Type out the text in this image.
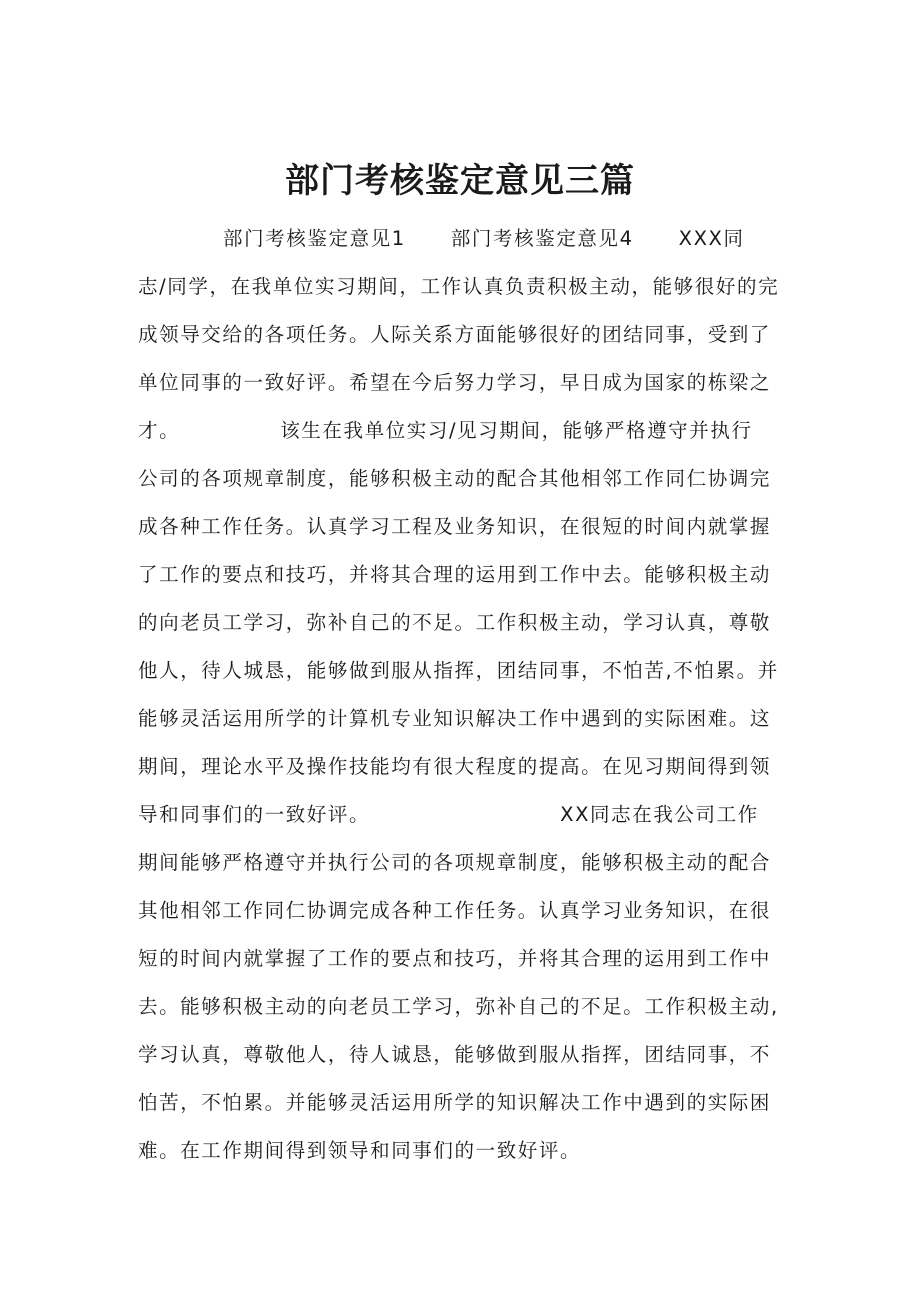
部门考核鉴定意见三篇
部门考核鉴定意见1 部门考核鉴定意见4 XXX同
志/同学，在我单位实习期间，工作认真负责积极主动，能够很好的完
成领导交给的各项任务。人际关系方面能够很好的团结同事，受到了
单位同事的一致好评。希望在今后努力学习，早日成为国家的栋梁之
才。	该生在我单位实习/见习期间，能够严格遵守并执行
公司的各项规章制度，能够积极主动的配合其他相邻工作同仁协调完
成各种工作任务。认真学习工程及业务知识，在很短的时间内就掌握
了工作的要点和技巧，并将其合理的运用到工作中去。能够积极主动
的向老员工学习，弥补自己的不足。工作积极主动，学习认真，尊敬
他人，待人城恳，能够做到服从指挥，团结同事，不怕苦,不怕累。并
能够灵活运用所学的计算机专业知识解决工作中遇到的实际困难。这
期间，理论水平及操作技能均有很大程度的提高。在见习期间得到领
导和同事们的一致好评。	XX同志在我公司工作
期间能够严格遵守并执行公司的各项规章制度，能够积极主动的配合
其他相邻工作同仁协调完成各种工作任务。认真学习业务知识，在很
短的时间内就掌握了工作的要点和技巧，并将其合理的运用到工作中
去。能够积极主动的向老员工学习，弥补自己的不足。工作积极主动,
学习认真，尊敬他人，待人诚恳，能够做到服从指挥，团结同事，不
怕苦，不怕累。并能够灵活运用所学的知识解决工作中遇到的实际困
难。在工作期间得到领导和同事们的一致好评。
